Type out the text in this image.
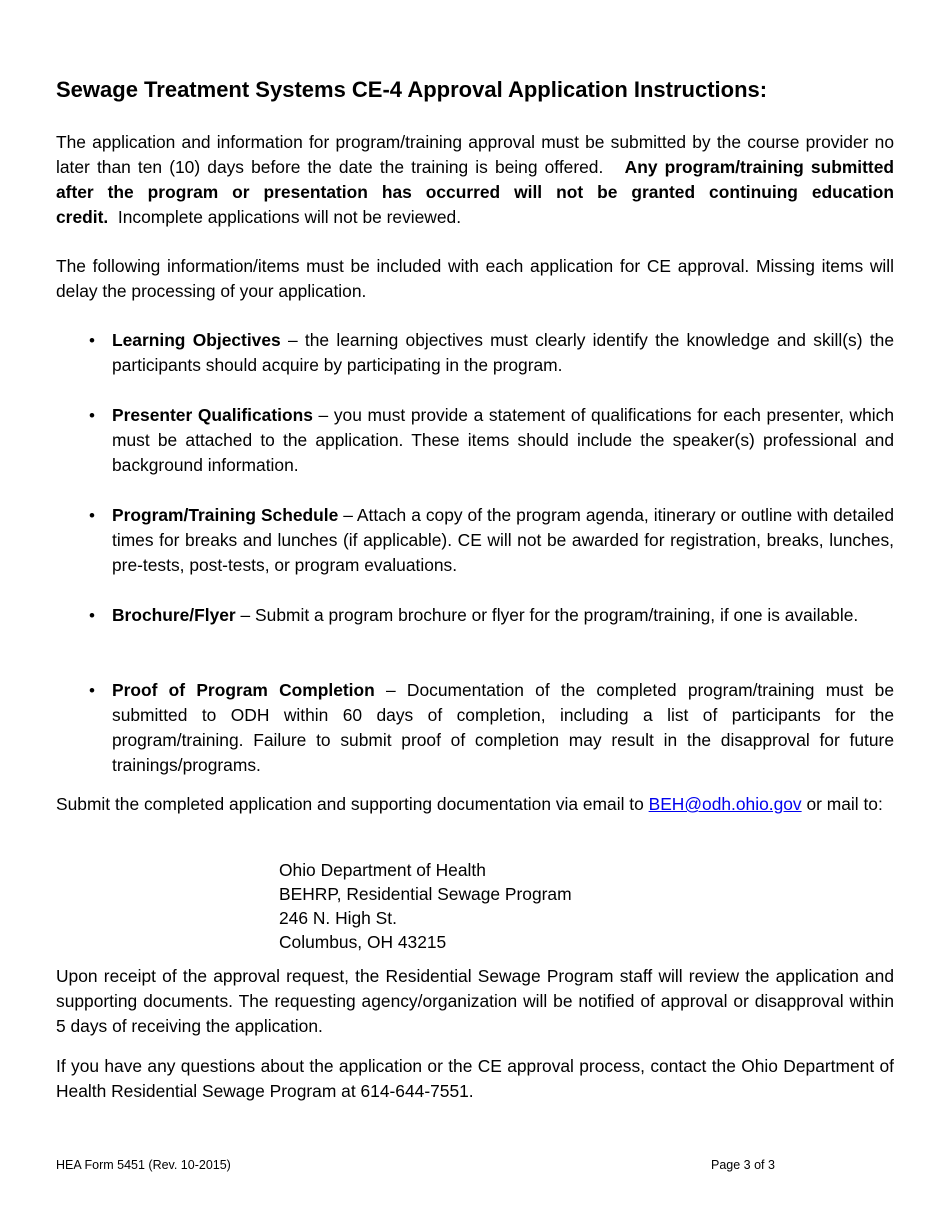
Sewage Treatment Systems CE-4 Approval Application Instructions:

The application and information for program/training approval must be submitted by the course provider no later than ten (10) days before the date the training is being offered. Any program/training submitted after the program or presentation has occurred will not be granted continuing education credit. Incomplete applications will not be reviewed.

The following information/items must be included with each application for CE approval. Missing items will delay the processing of your application.

• Learning Objectives – the learning objectives must clearly identify the knowledge and skill(s) the participants should acquire by participating in the program.
• Presenter Qualifications – you must provide a statement of qualifications for each presenter, which must be attached to the application. These items should include the speaker(s) professional and background information.
• Program/Training Schedule – Attach a copy of the program agenda, itinerary or outline with detailed times for breaks and lunches (if applicable). CE will not be awarded for registration, breaks, lunches, pre-tests, post-tests, or program evaluations.
• Brochure/Flyer – Submit a program brochure or flyer for the program/training, if one is available.
• Proof of Program Completion – Documentation of the completed program/training must be submitted to ODH within 60 days of completion, including a list of participants for the program/training. Failure to submit proof of completion may result in the disapproval for future trainings/programs.

Submit the completed application and supporting documentation via email to BEH@odh.ohio.gov or mail to:

Ohio Department of Health
BEHRP, Residential Sewage Program
246 N. High St.
Columbus, OH 43215

Upon receipt of the approval request, the Residential Sewage Program staff will review the application and supporting documents. The requesting agency/organization will be notified of approval or disapproval within 5 days of receiving the application.

If you have any questions about the application or the CE approval process, contact the Ohio Department of Health Residential Sewage Program at 614-644-7551.

HEA Form 5451 (Rev. 10-2015)	Page 3 of 3
